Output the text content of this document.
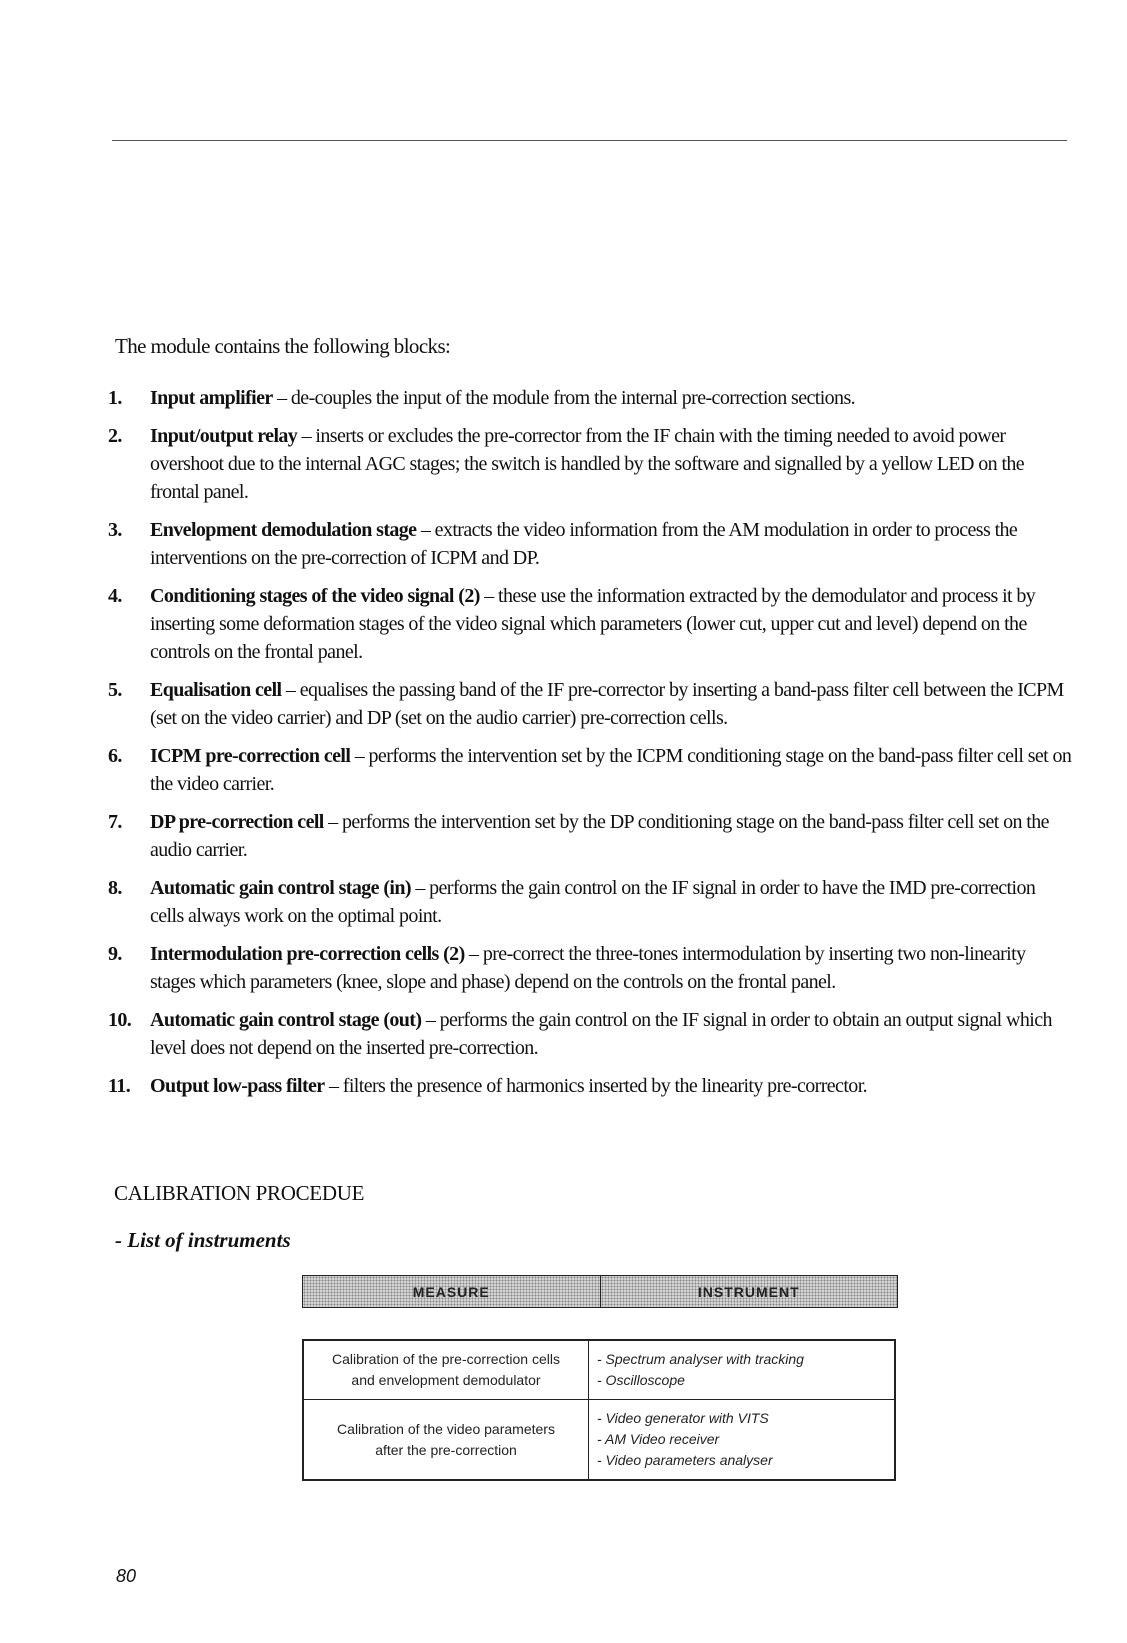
The module contains the following blocks:

1. Input amplifier – de-couples the input of the module from the internal pre-correction sections.
2. Input/output relay – inserts or excludes the pre-corrector from the IF chain with the timing needed to avoid power overshoot due to the internal AGC stages; the switch is handled by the software and signalled by a yellow LED on the frontal panel.
3. Envelopment demodulation stage – extracts the video information from the AM modulation in order to process the interventions on the pre-correction of ICPM and DP.
4. Conditioning stages of the video signal (2) – these use the information extracted by the demodulator and process it by inserting some deformation stages of the video signal which parameters (lower cut, upper cut and level) depend on the controls on the frontal panel.
5. Equalisation cell – equalises the passing band of the IF pre-corrector by inserting a band-pass filter cell between the ICPM (set on the video carrier) and DP (set on the audio carrier) pre-correction cells.
6. ICPM pre-correction cell – performs the intervention set by the ICPM conditioning stage on the band-pass filter cell set on the video carrier.
7. DP pre-correction cell – performs the intervention set by the DP conditioning stage on the band-pass filter cell set on the audio carrier.
8. Automatic gain control stage (in) – performs the gain control on the IF signal in order to have the IMD pre-correction cells always work on the optimal point.
9. Intermodulation pre-correction cells (2) – pre-correct the three-tones intermodulation by inserting two non-linearity stages which parameters (knee, slope and phase) depend on the controls on the frontal panel.
10. Automatic gain control stage (out) – performs the gain control on the IF signal in order to obtain an output signal which level does not depend on the inserted pre-correction.
11. Output low-pass filter – filters the presence of harmonics inserted by the linearity pre-corrector.
CALIBRATION PROCEDUE
- List of instruments
MEASURE	INSTRUMENT
Calibration of the pre-correction cells
and envelopment demodulator
- Spectrum analyser with tracking
- Oscilloscope
Calibration of the video parameters
after the pre-correction
- Video generator with VITS
- AM Video receiver
- Video parameters analyser
80
